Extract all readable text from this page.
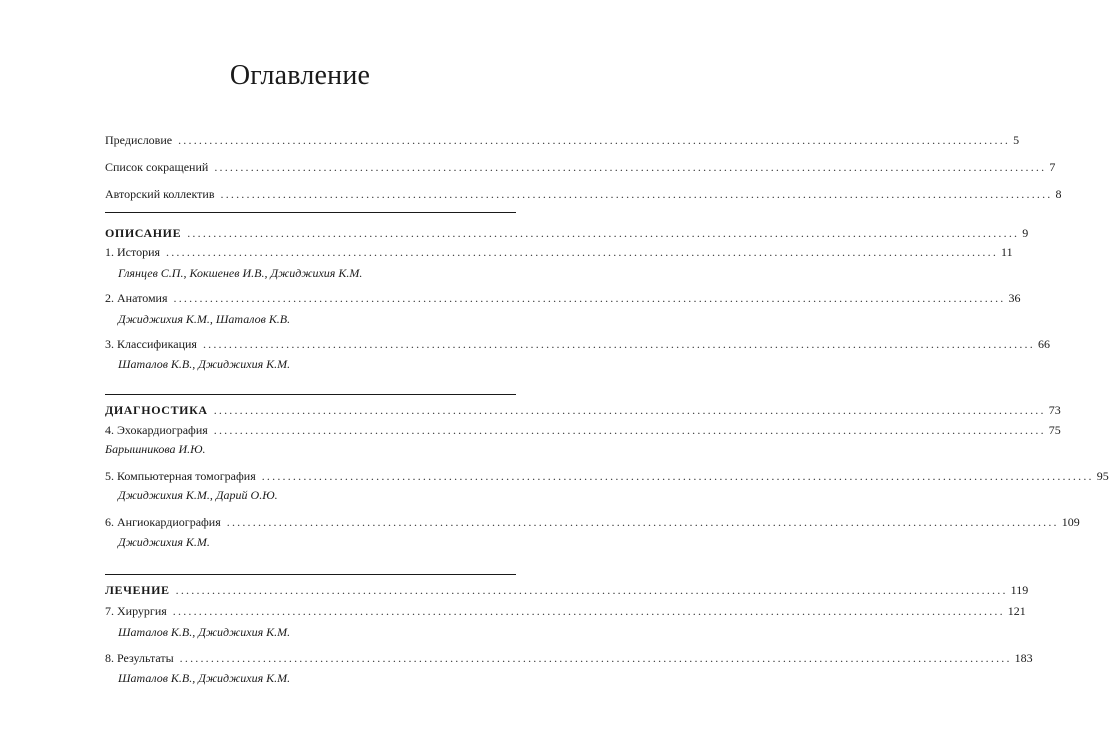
Оглавление
Предисловие ................................................................................................................................................................ 5
Список сокращений ................................................................................................................................................................ 7
Авторский коллектив ................................................................................................................................................................ 8
ОПИСАНИЕ ................................................................................................................................................................ 9
1. История ................................................................................................................................................................ 11
Глянцев С.П., Кокшенев И.В., Джиджихия К.М.
2. Анатомия ................................................................................................................................................................ 36
Джиджихия К.М., Шаталов К.В.
3. Классификация ................................................................................................................................................................ 66
Шаталов К.В., Джиджихия К.М.
ДИАГНОСТИКА ................................................................................................................................................................ 73
4. Эхокардиография ................................................................................................................................................................ 75
Барышникова И.Ю.
5. Компьютерная томография ................................................................................................................................................................ 95
Джиджихия К.М., Дарий О.Ю.
6. Ангиокардиография ................................................................................................................................................................ 109
Джиджихия К.М.
ЛЕЧЕНИЕ ................................................................................................................................................................ 119
7. Хирургия ................................................................................................................................................................ 121
Шаталов К.В., Джиджихия К.М.
8. Результаты ................................................................................................................................................................ 183
Шаталов К.В., Джиджихия К.М.
